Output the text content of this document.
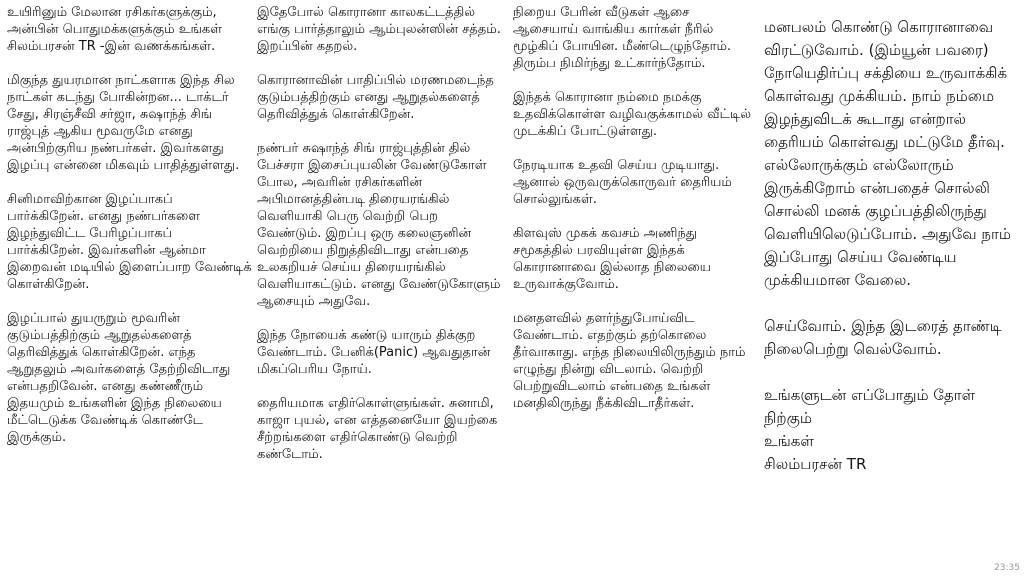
உயிரினும் மேலான ரசிகர்களுக்கும், அன்பின் பொதுமக்களுக்கும் உங்கள் சிலம்பரசன் TR -இன் வணக்கங்கள்.

மிகுந்த துயரமான நாட்களாக இந்த சில நாட்கள் கடந்து போகின்றன... டாக்டர் சேது, சிரஞ்சீவி சர்ஜா, சுஷாந்த் சிங் ராஜ்புத் ஆகிய மூவருமே எனது அன்பிற்குரிய நண்பர்கள். இவர்களது இழப்பு என்னை மிகவும் பாதித்துள்ளது.

சினிமாவிற்கான இழப்பாகப் பார்க்கிறேன். எனது நண்பர்களை இழந்துவிட்ட பேரிழப்பாகப் பார்க்கிறேன். இவர்களின் ஆன்மா இறைவன் மடியில் இளைப்பாற வேண்டிக் கொள்கிறேன்.

இழப்பால் துயருறும் மூவரின் குடும்பத்திற்கும் ஆறுதல்களைத் தெரிவித்துக் கொள்கிறேன். எந்த ஆறுதலும் அவர்களைத் தேற்றிவிடாது என்பதறிவேன். எனது கண்ணீரும் இதயமும் உங்களின் இந்த நிலையை மீட்டெடுக்க வேண்டிக் கொண்டே இருக்கும்.

இதேபோல் கொரானா காலகட்டத்தில் எங்கு பார்த்தாலும் ஆம்புலன்ஸின் சத்தம். இறப்பின் கதறல்.

கொரானாவின் பாதிப்பில் மரணமடைந்த குடும்பத்திற்கும் எனது ஆறுதல்களைத் தெரிவித்துக் கொள்கிறேன்.

நண்பர் சுஷாந்த் சிங் ராஜ்புத்தின் தில் பேச்சரா இசைப்புயலின் வேண்டுகோள் போல, அவரின் ரசிகர்களின் அபிமானத்தின்படி திரையரங்கில் வெளியாகி பெரு வெற்றி பெற வேண்டும். இறப்பு ஒரு கலைஞனின் வெற்றியை நிறுத்திவிடாது என்பதை உலகறியச் செய்ய திரையரங்கில் வெளியாகட்டும். எனது வேண்டுகோளும் ஆசையும் அதுவே.

இந்த நோயைக் கண்டு யாரும் திக்குற வேண்டாம். பேனிக்(Panic) ஆவதுதான் மிகப்பெரிய நோய்.

தைரியமாக எதிர்கொள்ளுங்கள். சுனாமி, காஜா புயல், என எத்தனையோ இயற்கை சீற்றங்களை எதிர்கொண்டு வெற்றி கண்டோம்.

நிறைய பேரின் வீடுகள் ஆசை ஆசையாய் வாங்கிய கார்கள் நீரில் மூழ்கிப் போயின. மீண்டெழுந்தோம். திரும்ப நிமிர்ந்து உட்கார்ந்தோம்.

இந்தக் கொரானா நம்மை நமக்கு உதவிக்கொள்ள வழிவகுக்காமல் வீட்டில் முடக்கிப் போட்டுள்ளது.

நேரடியாக உதவி செய்ய முடியாது. ஆனால் ஒருவருக்கொருவர் தைரியம் சொல்லுங்கள்.

கிளவுஸ் முகக் கவசம் அணிந்து சமூகத்தில் பரவியுள்ள இந்தக் கொரானாவை இல்லாத நிலையை உருவாக்குவோம்.

மனதளவில் தளர்ந்துபோய்விட வேண்டாம். எதற்கும் தற்கொலை தீர்வாகாது. எந்த நிலையிலிருந்தும் நாம் எழுந்து நின்று விடலாம். வெற்றி பெற்றுவிடலாம் என்பதை உங்கள் மனதிலிருந்து நீக்கிவிடாதீர்கள்.

மனபலம் கொண்டு கொரானாவை விரட்டுவோம். (இம்யூன் பவரை) நோயெதிர்ப்பு சக்தியை உருவாக்கிக் கொள்வது முக்கியம். நாம் நம்மை இழந்துவிடக் கூடாது என்றால் தைரியம் கொள்வது மட்டுமே தீர்வு. எல்லோருக்கும் எல்லோரும் இருக்கிறோம் என்பதைச் சொல்லி சொல்லி மனக் குழப்பத்திலிருந்து வெளியிலெடுப்போம். அதுவே நாம் இப்போது செய்ய வேண்டிய முக்கியமான வேலை.

செய்வோம். இந்த இடரைத் தாண்டி நிலைபெற்று வெல்வோம்.

உங்களுடன் எப்போதும் தோள் நிற்கும்

உங்கள்

சிலம்பரசன் TR

23:35
